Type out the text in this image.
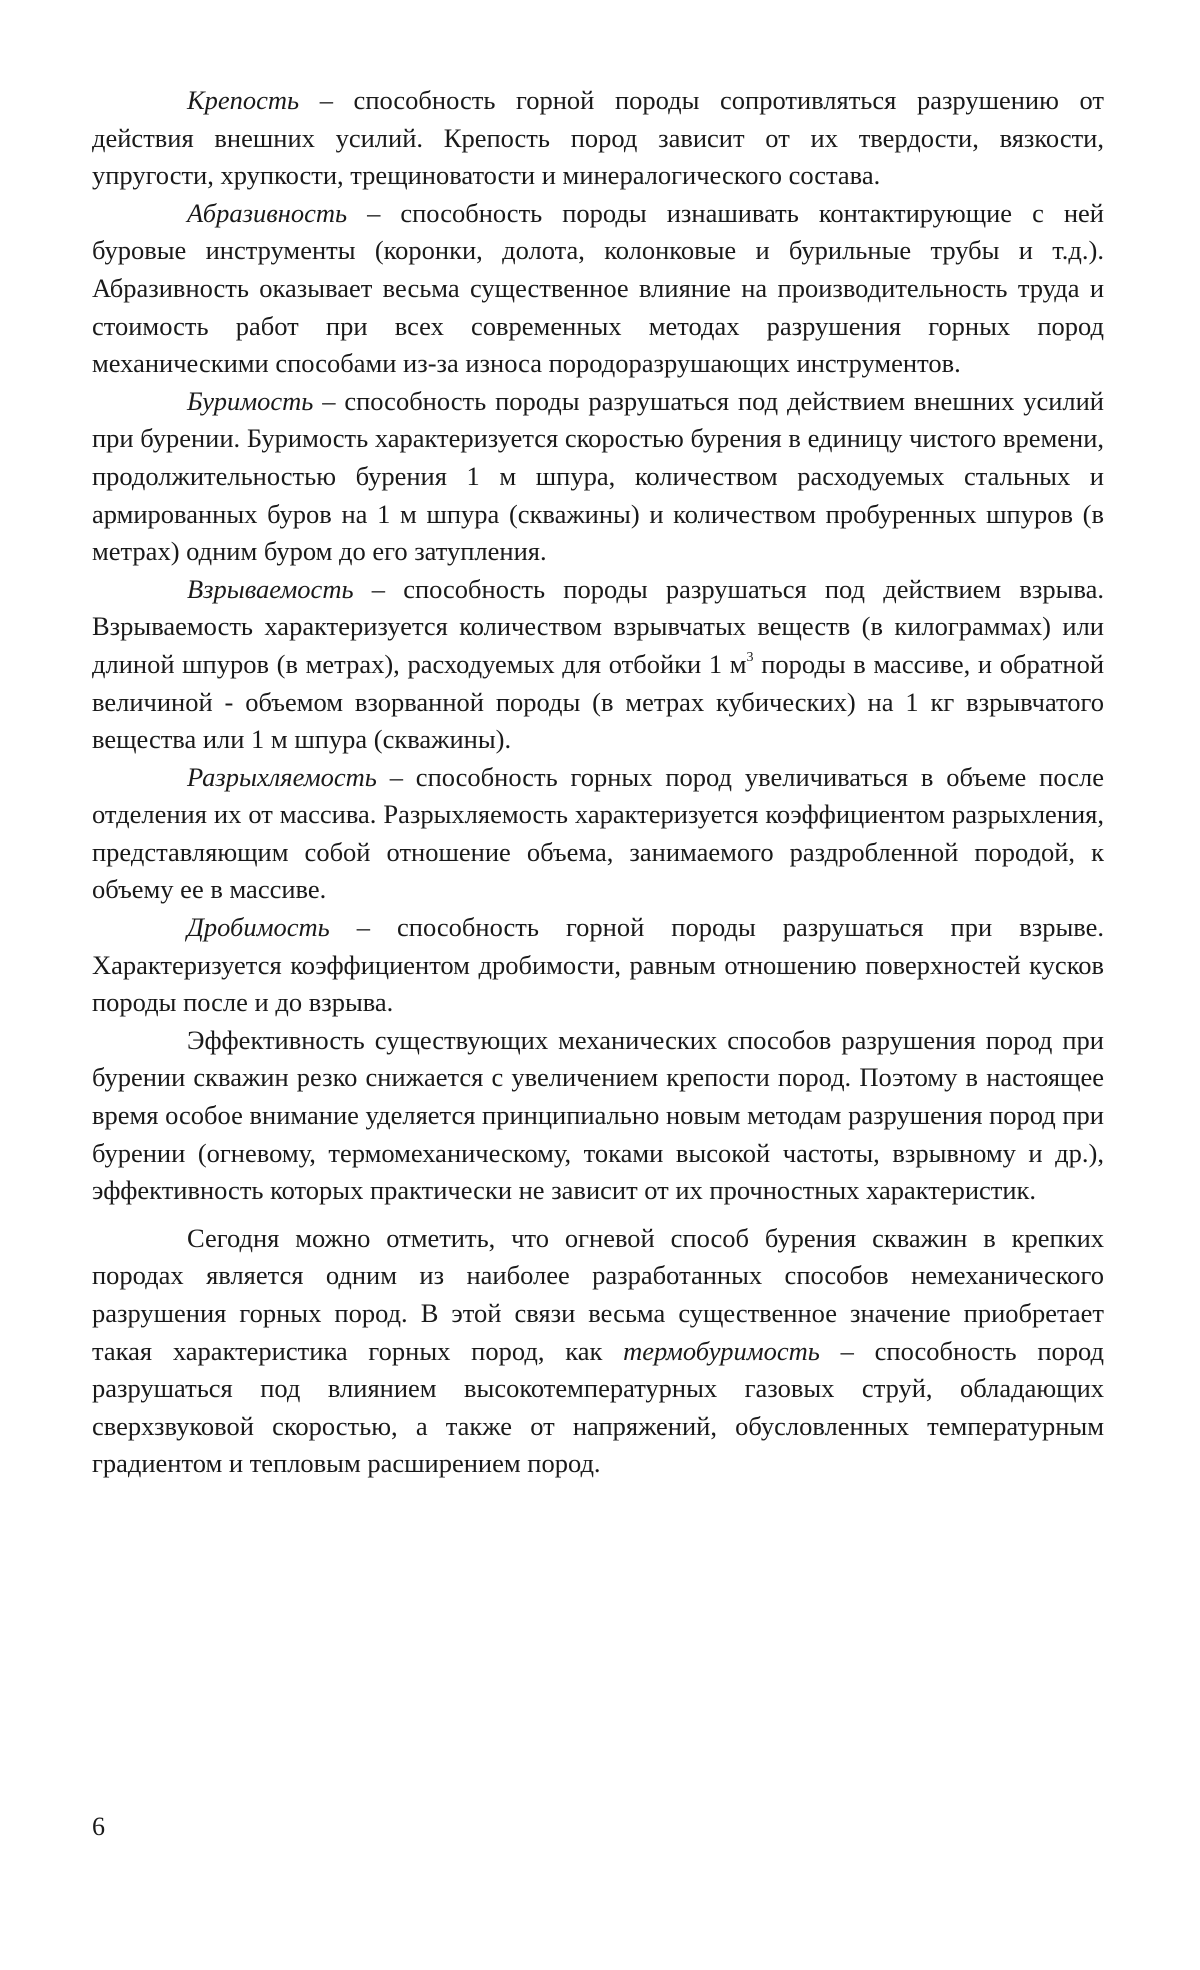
Крепость – способность горной породы сопротивляться разрушению от действия внешних усилий. Крепость пород зависит от их твердости, вязкости, упругости, хрупкости, трещиноватости и минералогического состава.

Абразивность – способность породы изнашивать контактирующие с ней буровые инструменты (коронки, долота, колонковые и бурильные трубы и т.д.). Абразивность оказывает весьма существенное влияние на производительность труда и стоимость работ при всех современных методах разрушения горных пород механическими способами из-за износа породоразрушающих инструментов.

Буримость – способность породы разрушаться под действием внешних усилий при бурении. Буримость характеризуется скоростью бурения в единицу чистого времени, продолжительностью бурения 1 м шпура, количеством расходуемых стальных и армированных буров на 1 м шпура (скважины) и количеством пробуренных шпуров (в метрах) одним буром до его затупления.

Взрываемость – способность породы разрушаться под действием взрыва. Взрываемость характеризуется количеством взрывчатых веществ (в килограммах) или длиной шпуров (в метрах), расходуемых для отбойки 1 $м^3$ породы в массиве, и обратной величиной - объемом взорванной породы (в метрах кубических) на 1 кг взрывчатого вещества или 1 м шпура (скважины).

Разрыхляемость – способность горных пород увеличиваться в объеме после отделения их от массива. Разрыхляемость характеризуется коэффициентом разрыхления, представляющим собой отношение объема, занимаемого раздробленной породой, к объему ее в массиве.

Дробимость – способность горной породы разрушаться при взрыве. Характеризуется коэффициентом дробимости, равным отношению поверхностей кусков породы после и до взрыва.

Эффективность существующих механических способов разрушения пород при бурении скважин резко снижается с увеличением крепости пород. Поэтому в настоящее время особое внимание уделяется принципиально новым методам разрушения пород при бурении (огневому, термомеханическому, токами высокой частоты, взрывному и др.), эффективность которых практически не зависит от их прочностных характеристик.

Сегодня можно отметить, что огневой способ бурения скважин в крепких породах является одним из наиболее разработанных способов немеханического разрушения горных пород. В этой связи весьма существенное значение приобретает такая характеристика горных пород, как термобуримость – способность пород разрушаться под влиянием высокотемпературных газовых струй, обладающих сверхзвуковой скоростью, а также от напряжений, обусловленных температурным градиентом и тепловым расширением пород.

6
